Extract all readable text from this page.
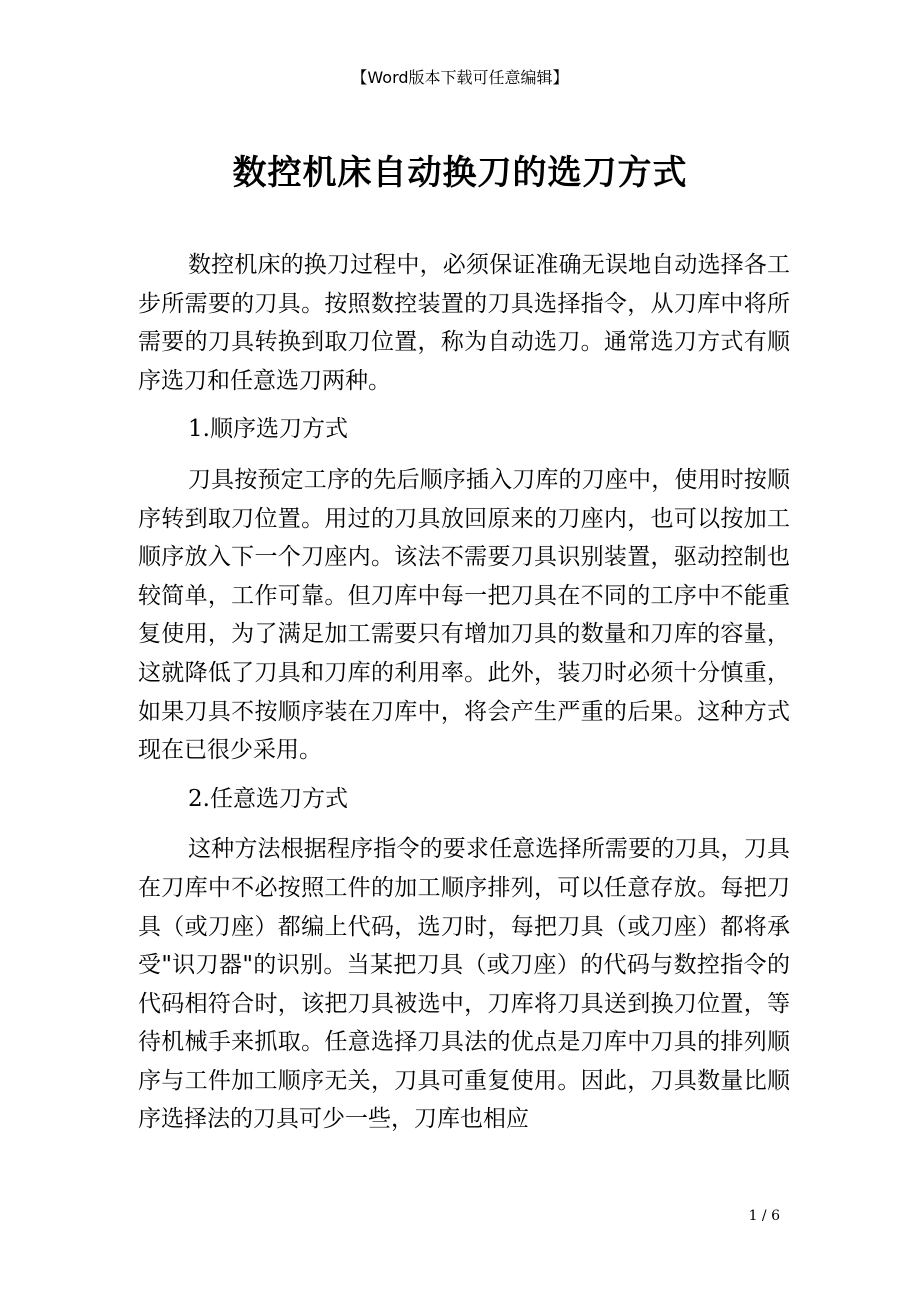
【Word版本下载可任意编辑】
数控机床自动换刀的选刀方式

数控机床的换刀过程中，必须保证准确无误地自动选择各工步所需要的刀具。按照数控装置的刀具选择指令，从刀库中将所需要的刀具转换到取刀位置，称为自动选刀。通常选刀方式有顺序选刀和任意选刀两种。

1.顺序选刀方式

刀具按预定工序的先后顺序插入刀库的刀座中，使用时按顺序转到取刀位置。用过的刀具放回原来的刀座内，也可以按加工顺序放入下一个刀座内。该法不需要刀具识别装置，驱动控制也较简单，工作可靠。但刀库中每一把刀具在不同的工序中不能重复使用，为了满足加工需要只有增加刀具的数量和刀库的容量，这就降低了刀具和刀库的利用率。此外，装刀时必须十分慎重，如果刀具不按顺序装在刀库中，将会产生严重的后果。这种方式现在已很少采用。

2.任意选刀方式

这种方法根据程序指令的要求任意选择所需要的刀具，刀具在刀库中不必按照工件的加工顺序排列，可以任意存放。每把刀具（或刀座）都编上代码，选刀时，每把刀具（或刀座）都将承受"识刀器"的识别。当某把刀具（或刀座）的代码与数控指令的代码相符合时，该把刀具被选中，刀库将刀具送到换刀位置，等待机械手来抓取。任意选择刀具法的优点是刀库中刀具的排列顺序与工件加工顺序无关，刀具可重复使用。因此，刀具数量比顺序选择法的刀具可少一些，刀库也相应

1 / 6
